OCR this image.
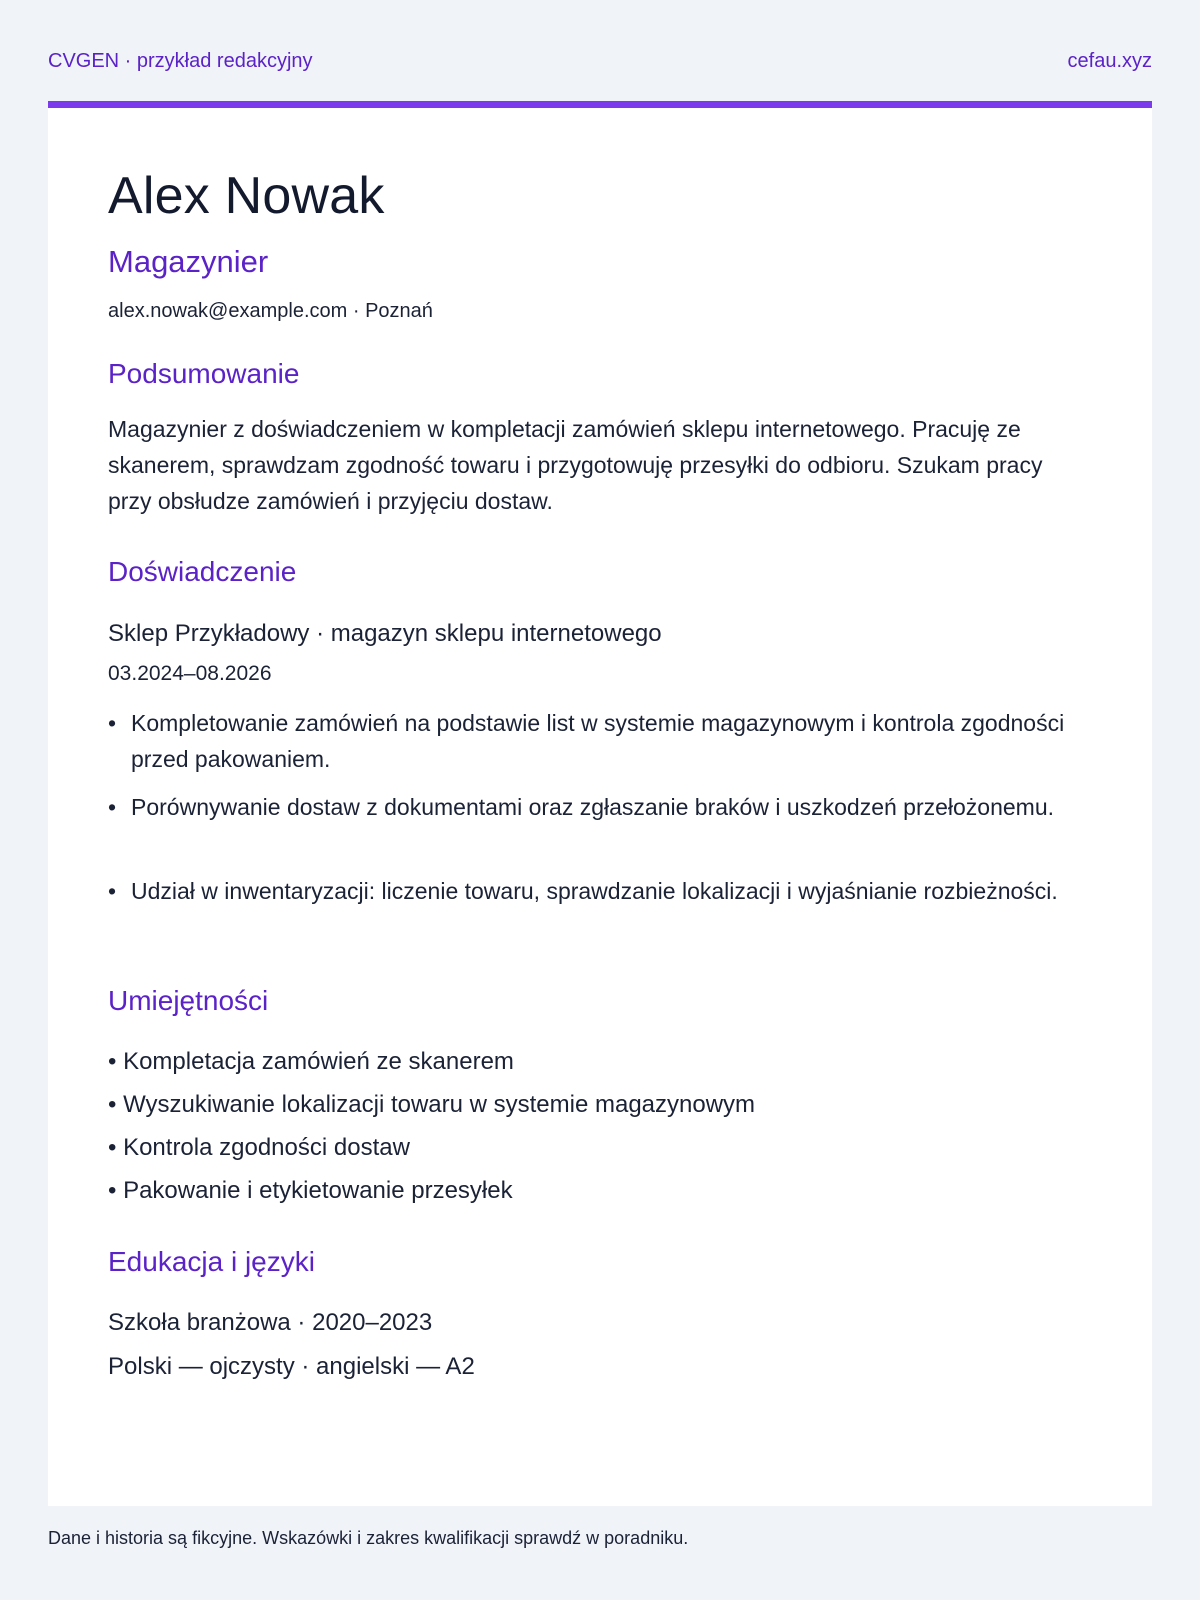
CVGEN · przykład redakcyjny	cefau.xyz
Alex Nowak
Magazynier
alex.nowak@example.com · Poznań
Podsumowanie
Magazynier z doświadczeniem w kompletacji zamówień sklepu internetowego. Pracuję ze skanerem, sprawdzam zgodność towaru i przygotowuję przesyłki do odbioru. Szukam pracy przy obsłudze zamówień i przyjęciu dostaw.
Doświadczenie
Sklep Przykładowy · magazyn sklepu internetowego
03.2024–08.2026
• Kompletowanie zamówień na podstawie list w systemie magazynowym i kontrola zgodności przed pakowaniem.
• Porównywanie dostaw z dokumentami oraz zgłaszanie braków i uszkodzeń przełożonemu.
• Udział w inwentaryzacji: liczenie towaru, sprawdzanie lokalizacji i wyjaśnianie rozbieżności.
Umiejętności
• Kompletacja zamówień ze skanerem
• Wyszukiwanie lokalizacji towaru w systemie magazynowym
• Kontrola zgodności dostaw
• Pakowanie i etykietowanie przesyłek
Edukacja i języki
Szkoła branżowa · 2020–2023
Polski — ojczysty · angielski — A2
Dane i historia są fikcyjne. Wskazówki i zakres kwalifikacji sprawdź w poradniku.
